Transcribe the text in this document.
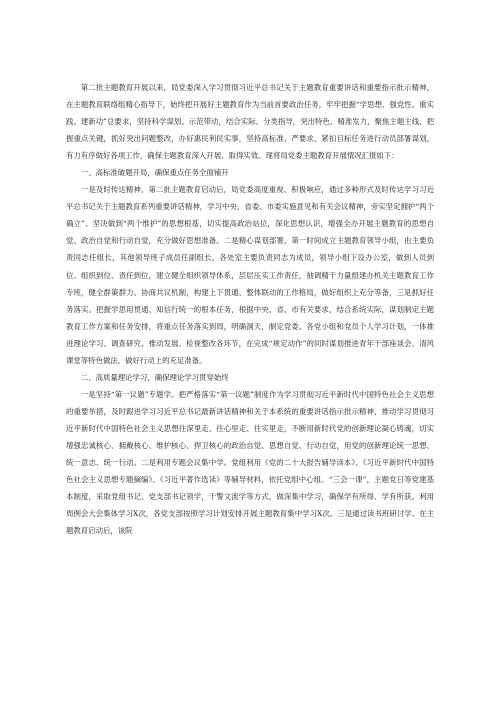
第二批主题教育开展以来，局党委深入学习贯彻习近平总书记关于主题教育重要讲话和重要指示批示精神，在主题教育联络组精心指导下，始终把开展好主题教育作为当前首要政治任务，牢牢把握“学思想、强党性、重实践、建新功”总要求，坚持科学谋划、示范带动，结合实际、分类指导，突出特色、精准发力，聚焦主题主线、把握重点关键，抓好突出问题整改，办好惠民利民实事，坚持高标准、严要求，紧扣目标任务进行动员部署谋划，有力有序做好各项工作，确保主题教育深入开展、取得实效。现将局党委主题教育开展情况汇报如下：

一、高标准破题开局，确保重点任务全面铺开

一是及时传达精神。第二批主题教育启动后，局党委高度重视、积极响应，通过多种形式及时传达学习习近平总书记关于主题教育系列重要讲话精神，学习中央、省委、市委实施意见和有关会议精神，旁实坚定拥护“两个确立”、坚决做到“两个维护”的思想根基，切实提高政治站位，深化思想认识，增强全办开展主题教育的思想自觉、政治自觉和行动自觉，充分做好思想准备。二是精心谋划部署。第一时间成立主题教育领导小组，由主要负责同志任组长，其他领导班子成员任副组长，各处室主要负责同志为成员，领导小组下设办公室，做到人员到位、组织到位、责任到位，建立健全组织领导体系，层层压实工作责任，抽调精干力量组建办机关主题教育工作专班，健全群策群力、协商共议机制，构建上下贯通、整体联动的工作格局，做好组织上充分等备，三是抓好任务落实。把握学思用贯通、知信行统一的根本任务，根据中央、省、市有关要求，结合系统实际，谋划制定主题教育工作方案和任务安排，将重点任务落实到周，明确洞天，制定党委、各党小组和党员个人学习计划，一体推进理论学习、调查研究、推动发展、检视整改各环节，在完成“规定动作”的同时谋划推进青年干部座谈会、清风课堂等特色做法，做好行动上的充足准备。

二、高质量理论学习，确保理论学习贯穿始终

一是坚持“第一议题”专题学。把严格落实“第一议题”制度作为学习贯彻习近平新时代中国特色社会主义思想的重要举措，及时跟进学习习近平总书记最新讲话精神和关于本系统的重要讲话指示批示精神，推动学习贯彻习近平新时代中国特色社会主义思想往深里走、往心里走、往实里走，不断用新时代党的创新理论凝心铸魂，切实增强忠诚核心、拥戴核心、维护核心、捍卫核心的政治自觉、思想自觉、行动自觉，用党的创新理论统一思想、统一意志、统一行动。二是利用专题会议集中学。党组利用《党的二十大报告辅导读本》、《习近平新时代中国特色社会主义思想专题摘编》、《习近平著作选读》等辅导材料，依托党组中心组、“三会一课”，主题党日等党建基本制度，采取党组书记、党支部书记领学，干警文流学等方式，做深集中学习，确保学有所得、学有所获。利用周例会大会集体学习X次，各党支部按照学习计划安排开展主题教育集中学习X次。三是通过读书班研讨学。在主题教育启动后，该院
